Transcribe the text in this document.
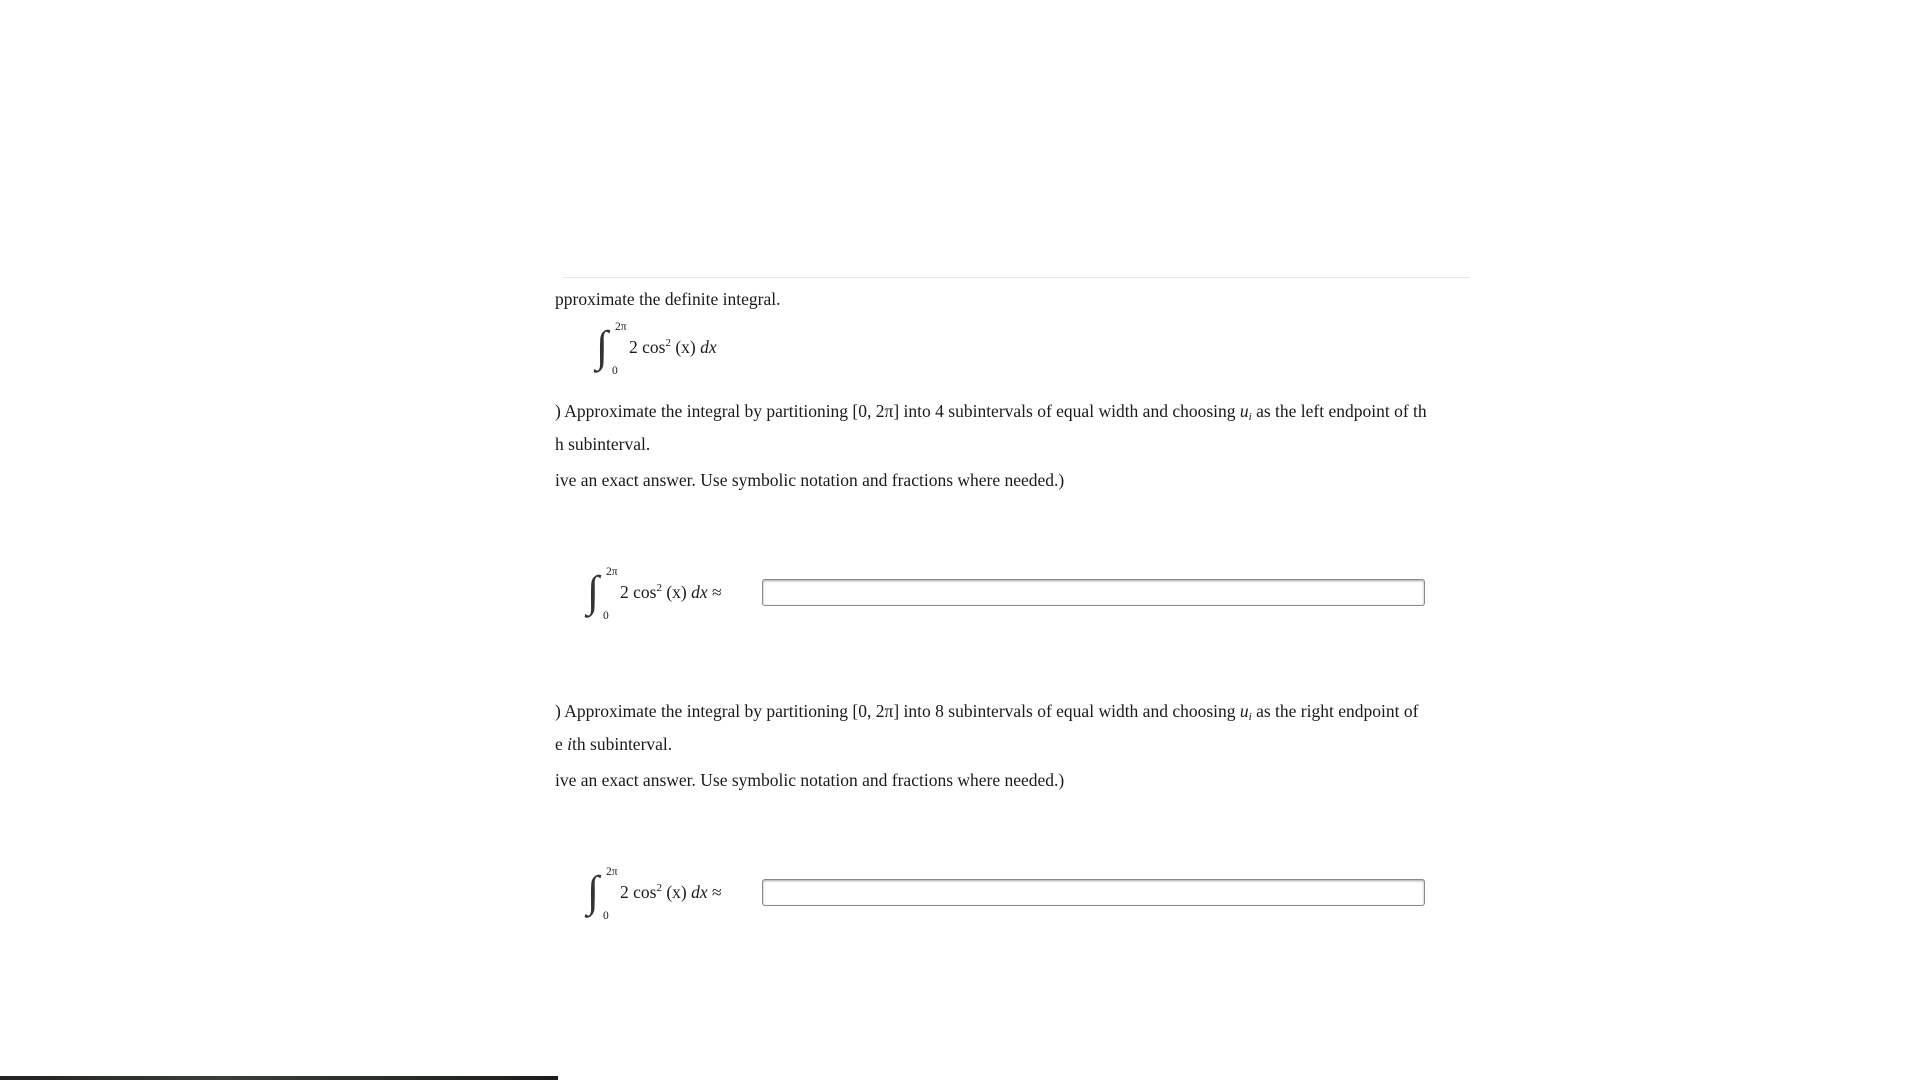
pproximate the definite integral.
∫ 2π
0
2 $\cos^2 (x)$ dx
) Approximate the integral by partitioning [0, 2π] into 4 subintervals of equal width and choosing $u_i$ as the left endpoint of th
h subinterval.
ive an exact answer. Use symbolic notation and fractions where needed.)
∫ 2π
0
2 $\cos^2 (x)$ dx ≈
) Approximate the integral by partitioning [0, 2π] into 8 subintervals of equal width and choosing $u_i$ as the right endpoint of
e ith subinterval.
ive an exact answer. Use symbolic notation and fractions where needed.)
∫ 2π
0
2 $\cos^2 (x)$ dx ≈
